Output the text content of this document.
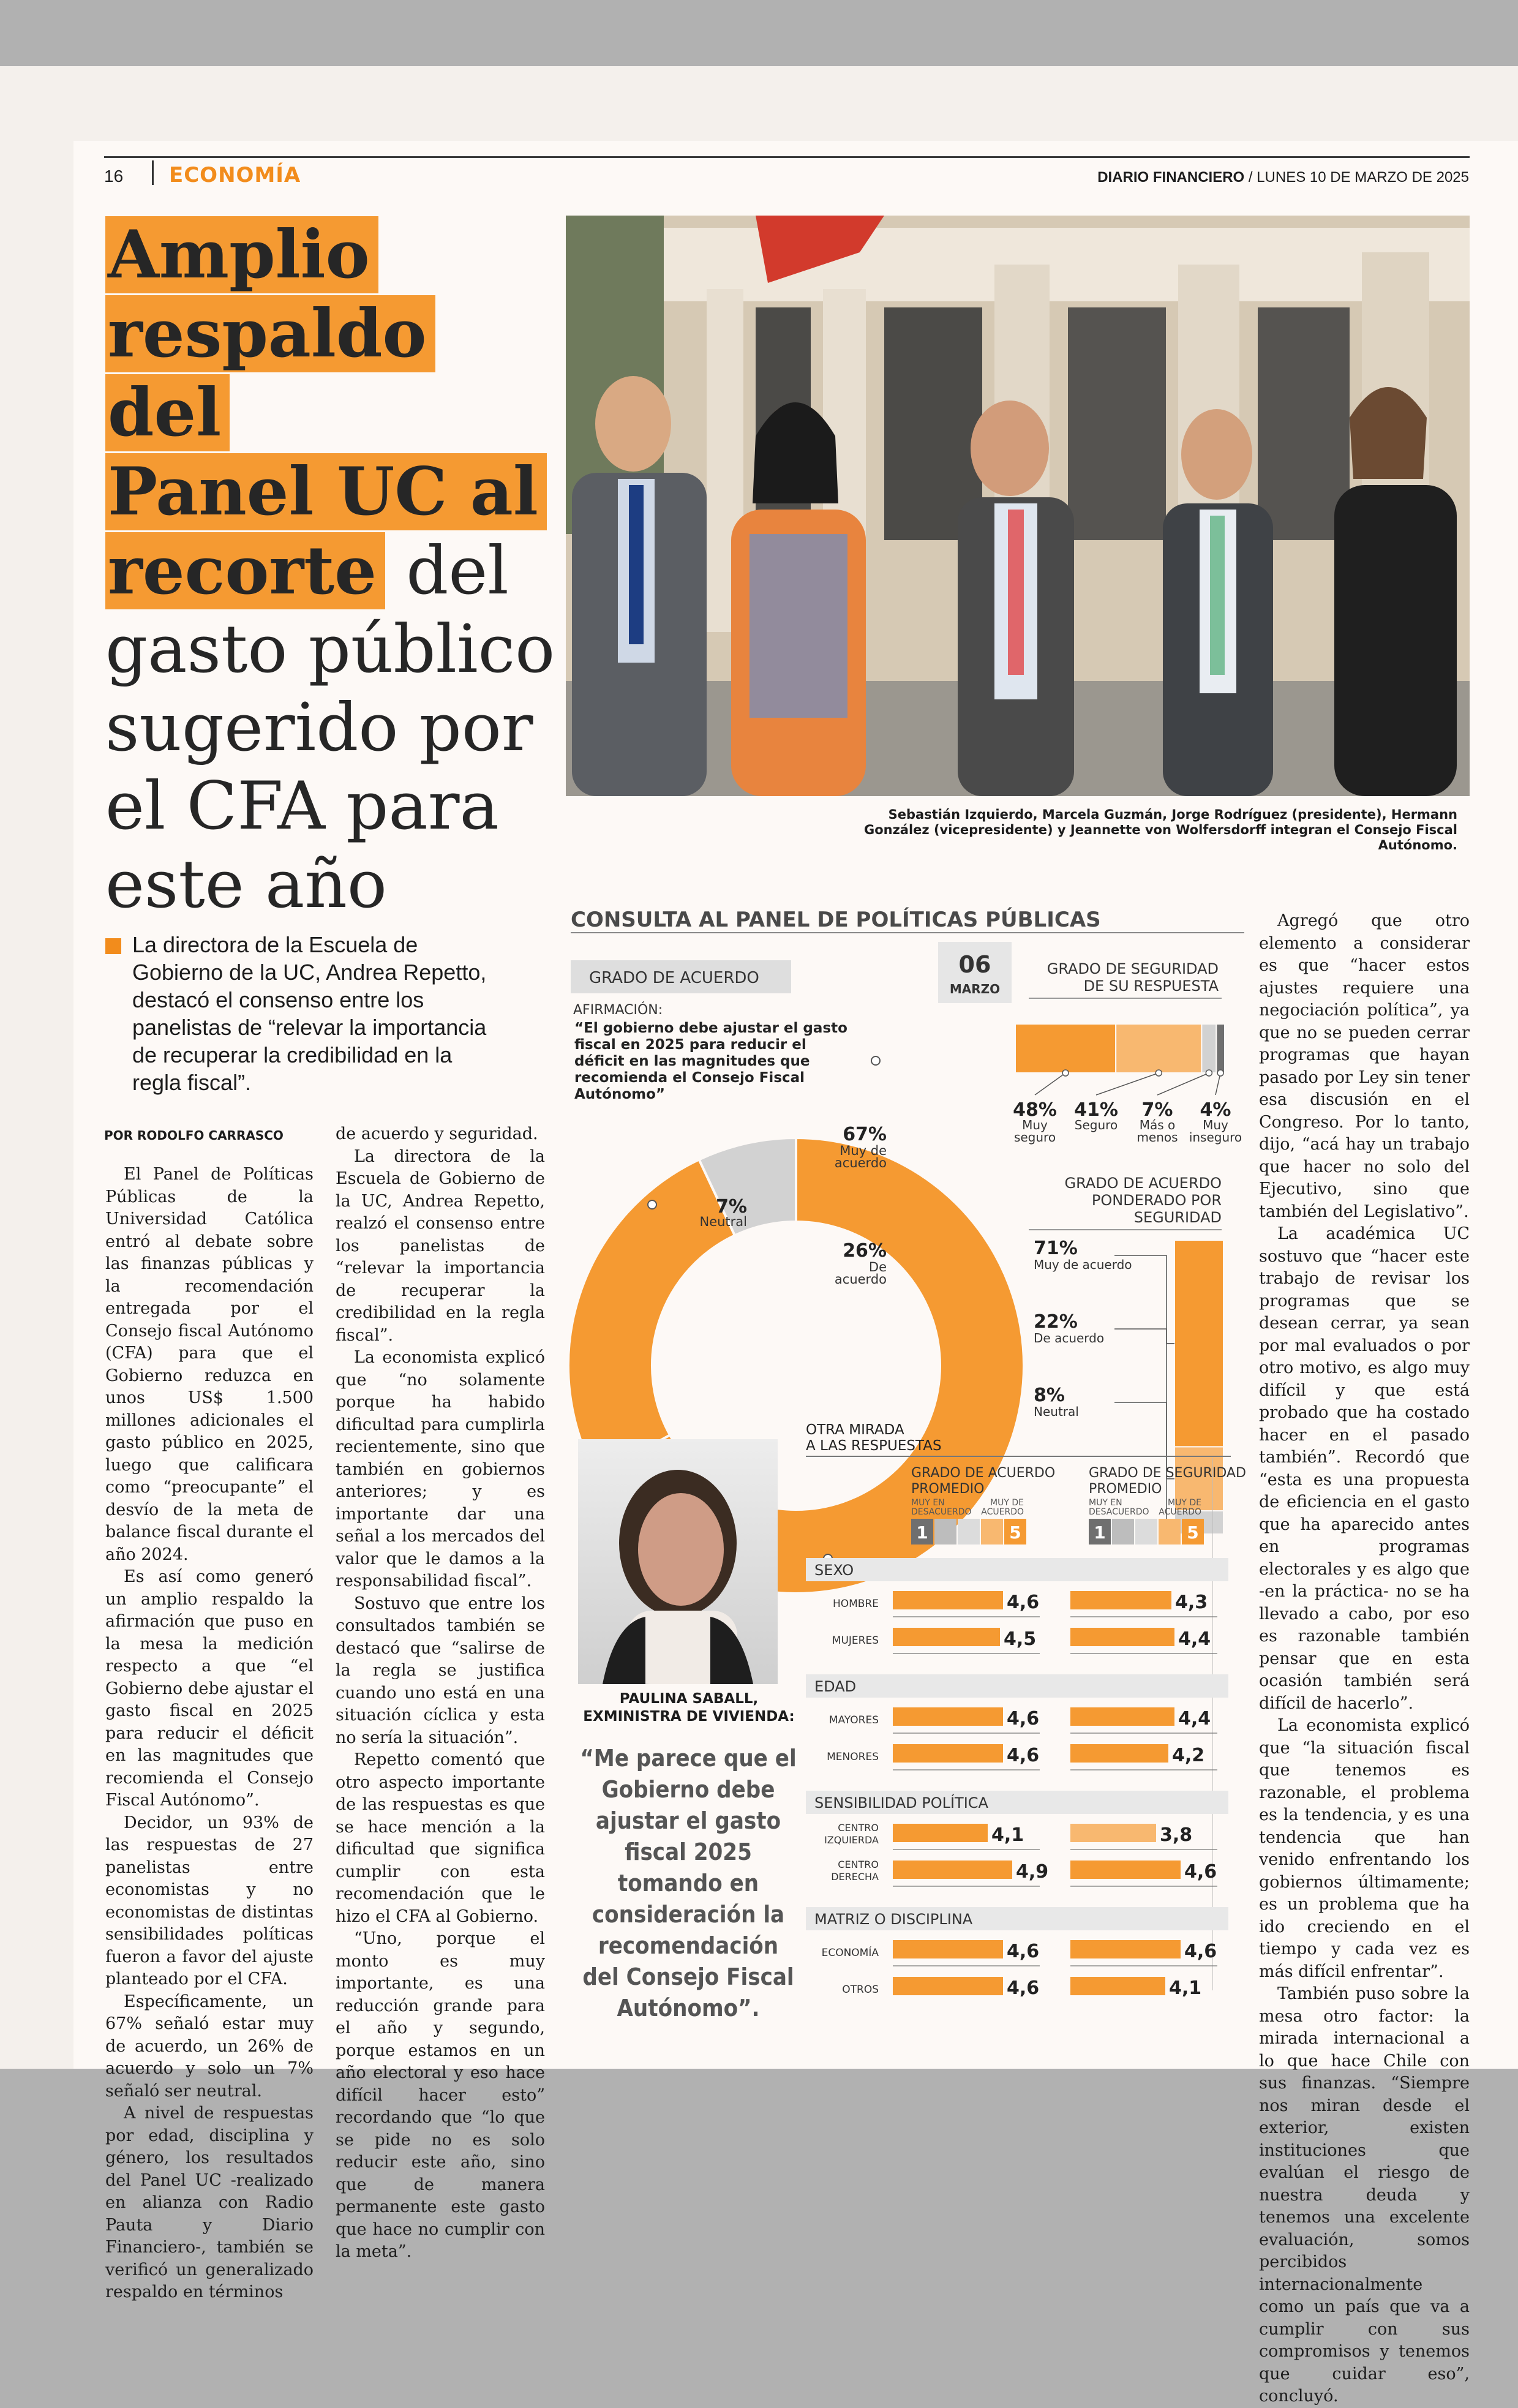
16 ECONOMÍA	DIARIO FINANCIERO / LUNES 10 DE MARZO DE 2025
Amplio
respaldo del
Panel UC al
recorte del
gasto público
sugerido por
el CFA para
este año
Sebastián Izquierdo, Marcela Guzmán, Jorge Rodríguez (presidente), Hermann González (vicepresidente) y Jeannette von Wolfersdorff integran el Consejo Fiscal Autónomo.
La directora de la Escuela de Gobierno de la UC, Andrea Repetto, destacó el consenso entre los panelistas de “relevar la importancia de recuperar la credibilidad en la regla fiscal”.
POR RODOLFO CARRASCO

El Panel de Políticas Públicas de la Universidad Católica entró al debate sobre las finanzas públicas y la recomendación entregada por el Consejo fiscal Autónomo (CFA) para que el Gobierno reduzca en unos US$ 1.500 millones adicionales el gasto público en 2025, luego que calificara como “preocupante” el desvío de la meta de balance fiscal durante el año 2024.

Es así como generó un amplio respaldo la afirmación que puso en la mesa la medición respecto a que “el Gobierno debe ajustar el gasto fiscal en 2025 para reducir el déficit en las magnitudes que recomienda el Consejo Fiscal Autónomo”.

Decidor, un 93% de las respuestas de 27 panelistas entre economistas y no economistas de distintas sensibilidades políticas fueron a favor del ajuste planteado por el CFA.

Específicamente, un 67% señaló estar muy de acuerdo, un 26% de acuerdo y solo un 7% señaló ser neutral.

A nivel de respuestas por edad, disciplina y género, los resultados del Panel UC -realizado en alianza con Radio Pauta y Diario Financiero-, también se verificó un generalizado respaldo en términos

de acuerdo y seguridad.

La directora de la Escuela de Gobierno de la UC, Andrea Repetto, realzó el consenso entre los panelistas de “relevar la importancia de recuperar la credibilidad en la regla fiscal”.

La economista explicó que “no solamente porque ha habido dificultad para cumplirla recientemente, sino que también en gobiernos anteriores; y es importante dar una señal a los mercados del valor que le damos a la responsabilidad fiscal”.

Sostuvo que entre los consultados también se destacó que “salirse de la regla se justifica cuando uno está en una situación cíclica y esta no sería la situación”.

Repetto comentó que otro aspecto importante de las respuestas es que se hace mención a la dificultad que significa cumplir con esta recomendación que le hizo el CFA al Gobierno.

“Uno, porque el monto es muy importante, es una reducción grande para el año y segundo, porque estamos en un año electoral y eso hace difícil hacer esto” recordando que “lo que se pide no es solo reducir este año, sino que de manera permanente este gasto que hace no cumplir con la meta”.

Agregó que otro elemento a considerar es que “hacer estos ajustes requiere una negociación política”, ya que no se pueden cerrar programas que hayan pasado por Ley sin tener esa discusión en el Congreso. Por lo tanto, dijo, “acá hay un trabajo que hacer no solo del Ejecutivo, sino que también del Legislativo”.

La académica UC sostuvo que “hacer este trabajo de revisar los programas que se desean cerrar, ya sean por mal evaluados o por otro motivo, es algo muy difícil y que está probado que ha costado hacer en el pasado también”. Recordó que “esta es una propuesta de eficiencia en el gasto que ha aparecido antes en programas electorales y es algo que -en la práctica- no se ha llevado a cabo, por eso es razonable también pensar que en esta ocasión también será difícil de hacerlo”.

La economista explicó que “la situación fiscal que tenemos es razonable, el problema es la tendencia, y es una tendencia que han venido enfrentando los gobiernos últimamente; es un problema que ha ido creciendo en el tiempo y cada vez es más difícil enfrentar”.

También puso sobre la mesa otro factor: la mirada internacional a lo que hace Chile con sus finanzas. “Siempre nos miran desde el exterior, existen instituciones que evalúan el riesgo de nuestra deuda y tenemos una excelente evaluación, somos percibidos internacionalmente como un país que va a cumplir con sus compromisos y tenemos que cuidar eso”, concluyó.

CONSULTA AL PANEL DE POLÍTICAS PÚBLICAS
GRADO DE ACUERDO
AFIRMACIÓN:
“El gobierno debe ajustar el gasto
fiscal en 2025 para reducir el
déficit en las magnitudes que
recomienda el Consejo Fiscal
Autónomo”
06
MARZO
67%
Muy de
acuerdo
26%
De
acuerdo
7%
Neutral
GRADO DE SEGURIDAD
DE SU RESPUESTA
48%
Muy
seguro
41%
Seguro
7%
Más o
menos
4%
Muy
inseguro
GRADO DE ACUERDO
PONDERADO POR
SEGURIDAD
71%
Muy de acuerdo
22%
De acuerdo
8%
Neutral
OTRA MIRADA
A LAS RESPUESTAS
GRADO DE ACUERDO
PROMEDIO
MUY EN
DESACUERDO
MUY DE
ACUERDO
1	5
GRADO DE SEGURIDAD
PROMEDIO
MUY EN
DESACUERDO
MUY DE
ACUERDO
1	5
SEXO
HOMBRE	4,6	4,3
MUJERES	4,5	4,4
EDAD
MAYORES	4,6	4,4
MENORES	4,6	4,2
SENSIBILIDAD POLÍTICA
CENTRO
IZQUIERDA	4,1	3,8
CENTRO
DERECHA	4,9	4,6
MATRIZ O DISCIPLINA
ECONOMÍA	4,6	4,6
OTROS	4,6	4,1
PAULINA SABALL, EXMINISTRA DE VIVIENDA:
“Me parece que el Gobierno debe ajustar el gasto fiscal 2025 tomando en consideración la recomendación del Consejo Fiscal Autónomo”.
